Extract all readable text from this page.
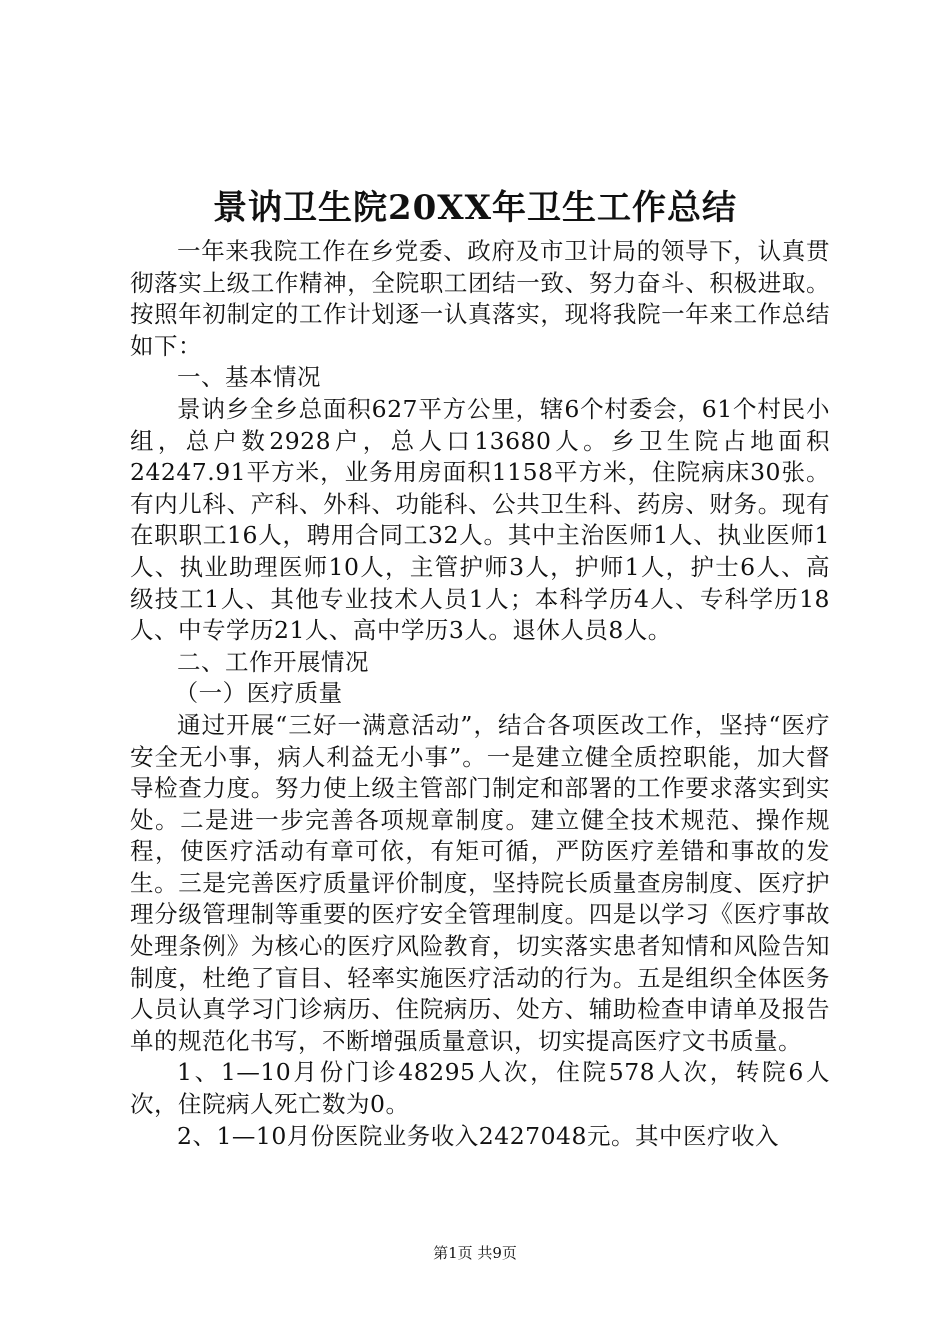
景讷卫生院20XX年卫生工作总结

一年来我院工作在乡党委、政府及市卫计局的领导下，认真贯彻落实上级工作精神，全院职工团结一致、努力奋斗、积极进取。按照年初制定的工作计划逐一认真落实，现将我院一年来工作总结如下：

一、基本情况

景讷乡全乡总面积627平方公里，辖6个村委会，61个村民小组，总户数2928户，总人口13680人。乡卫生院占地面积24247.91平方米，业务用房面积1158平方米，住院病床30张。有内儿科、产科、外科、功能科、公共卫生科、药房、财务。现有在职职工16人，聘用合同工32人。其中主治医师1人、执业医师1人、执业助理医师10人，主管护师3人，护师1人，护士6人、高级技工1人、其他专业技术人员1人；本科学历4人、专科学历18人、中专学历21人、高中学历3人。退休人员8人。

二、工作开展情况

（一）医疗质量

通过开展“三好一满意活动”，结合各项医改工作，坚持“医疗安全无小事，病人利益无小事”。一是建立健全质控职能，加大督导检查力度。努力使上级主管部门制定和部署的工作要求落实到实处。二是进一步完善各项规章制度。建立健全技术规范、操作规程，使医疗活动有章可依，有矩可循，严防医疗差错和事故的发生。三是完善医疗质量评价制度，坚持院长质量查房制度、医疗护理分级管理制等重要的医疗安全管理制度。四是以学习《医疗事故处理条例》为核心的医疗风险教育，切实落实患者知情和风险告知制度，杜绝了盲目、轻率实施医疗活动的行为。五是组织全体医务人员认真学习门诊病历、住院病历、处方、辅助检查申请单及报告单的规范化书写，不断增强质量意识，切实提高医疗文书质量。

1、1—10月份门诊48295人次，住院578人次，转院6人次，住院病人死亡数为0。

2、1—10月份医院业务收入2427048元。其中医疗收入

第1页 共9页
